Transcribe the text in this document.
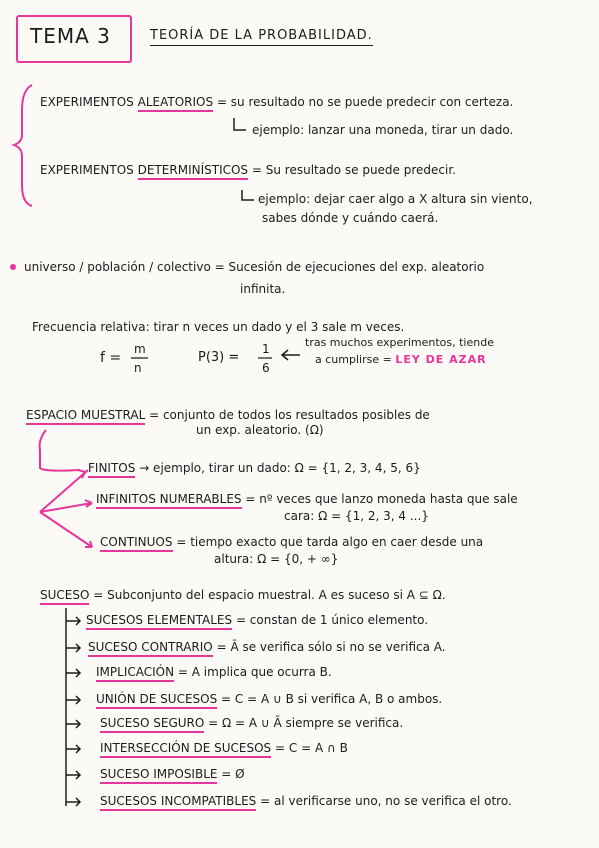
TEMA 3	TEORÍA DE LA PROBABILIDAD.
EXPERIMENTOS ALEATORIOS = su resultado no se puede predecir con certeza.
ejemplo: lanzar una moneda, tirar un dado.
EXPERIMENTOS DETERMINÍSTICOS = Su resultado se puede predecir.
ejemplo: dejar caer algo a X altura sin viento,
sabes dónde y cuándo caerá.
universo / población / colectivo = Sucesión de ejecuciones del exp. aleatorio
infinita.
Frecuencia relativa: tirar n veces un dado y el 3 sale m veces.
f =
m
n
P(3) =
1
6
tras muchos experimentos, tiende
a cumplirse = LEY DE AZAR
ESPACIO MUESTRAL = conjunto de todos los resultados posibles de
un exp. aleatorio. (Ω)
FINITOS → ejemplo, tirar un dado: Ω = {1, 2, 3, 4, 5, 6}
INFINITOS NUMERABLES = nº veces que lanzo moneda hasta que sale
cara: Ω = {1, 2, 3, 4 ...}
CONTINUOS = tiempo exacto que tarda algo en caer desde una
altura: Ω = {0, + ∞}
SUCESO = Subconjunto del espacio muestral. A es suceso si A ⊆ Ω.
SUCESOS ELEMENTALES = constan de 1 único elemento.
SUCESO CONTRARIO = Ā se verifica sólo si no se verifica A.
IMPLICACIÓN = A implica que ocurra B.
UNIÓN DE SUCESOS = C = A ∪ B si verifica A, B o ambos.
SUCESO SEGURO = Ω = A ∪ Ā siempre se verifica.
INTERSECCIÓN DE SUCESOS = C = A ∩ B
SUCESO IMPOSIBLE = Ø
SUCESOS INCOMPATIBLES = al verificarse uno, no se verifica el otro.
